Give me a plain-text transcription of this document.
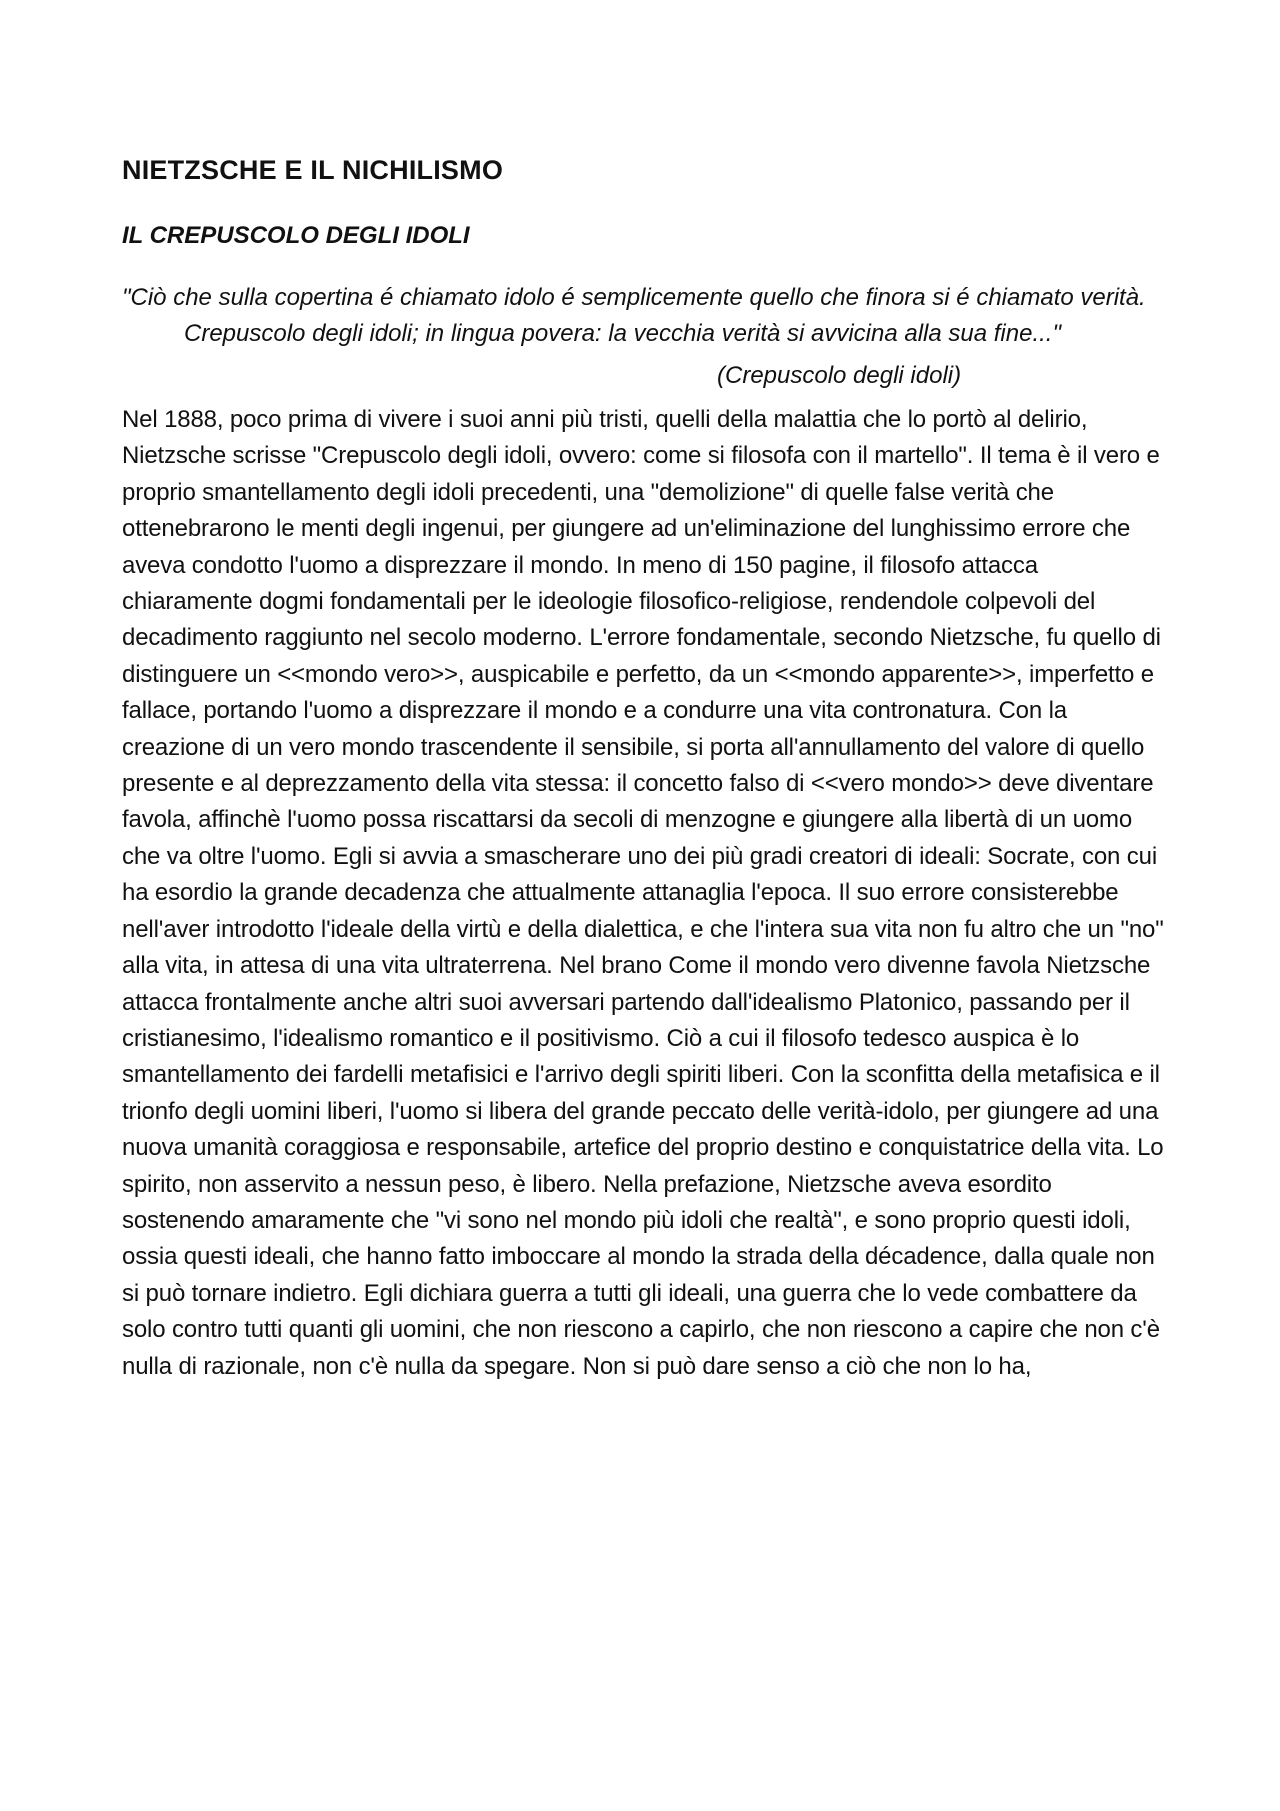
NIETZSCHE E IL NICHILISMO
IL CREPUSCOLO DEGLI IDOLI

"Ciò che sulla copertina é chiamato idolo é semplicemente quello che finora si é chiamato verità. Crepuscolo degli idoli; in lingua povera: la vecchia verità si avvicina alla sua fine..."

(Crepuscolo degli idoli)

Nel 1888, poco prima di vivere i suoi anni più tristi, quelli della malattia che lo portò al delirio, Nietzsche scrisse "Crepuscolo degli idoli, ovvero: come si filosofa con il martello". Il tema è il vero e proprio smantellamento degli idoli precedenti, una "demolizione" di quelle false verità che ottenebrarono le menti degli ingenui, per giungere ad un'eliminazione del lunghissimo errore che aveva condotto l'uomo a disprezzare il mondo. In meno di 150 pagine, il filosofo attacca chiaramente dogmi fondamentali per le ideologie filosofico-religiose, rendendole colpevoli del decadimento raggiunto nel secolo moderno. L'errore fondamentale, secondo Nietzsche, fu quello di distinguere un <<mondo vero>>, auspicabile e perfetto, da un <<mondo apparente>>, imperfetto e fallace, portando l'uomo a disprezzare il mondo e a condurre una vita contronatura. Con la creazione di un vero mondo trascendente il sensibile, si porta all'annullamento del valore di quello presente e al deprezzamento della vita stessa: il concetto falso di <<vero mondo>> deve diventare favola, affinchè l'uomo possa riscattarsi da secoli di menzogne e giungere alla libertà di un uomo che va oltre l'uomo. Egli si avvia a smascherare uno dei più gradi creatori di ideali: Socrate, con cui ha esordio la grande decadenza che attualmente attanaglia l'epoca. Il suo errore consisterebbe nell'aver introdotto l'ideale della virtù e della dialettica, e che l'intera sua vita non fu altro che un "no" alla vita, in attesa di una vita ultraterrena. Nel brano Come il mondo vero divenne favola Nietzsche attacca frontalmente anche altri suoi avversari partendo dall'idealismo Platonico, passando per il cristianesimo, l'idealismo romantico e il positivismo. Ciò a cui il filosofo tedesco auspica è lo smantellamento dei fardelli metafisici e l'arrivo degli spiriti liberi. Con la sconfitta della metafisica e il trionfo degli uomini liberi, l'uomo si libera del grande peccato delle verità-idolo, per giungere ad una nuova umanità coraggiosa e responsabile, artefice del proprio destino e conquistatrice della vita. Lo spirito, non asservito a nessun peso, è libero. Nella prefazione, Nietzsche aveva esordito sostenendo amaramente che "vi sono nel mondo più idoli che realtà", e sono proprio questi idoli, ossia questi ideali, che hanno fatto imboccare al mondo la strada della décadence, dalla quale non si può tornare indietro. Egli dichiara guerra a tutti gli ideali, una guerra che lo vede combattere da solo contro tutti quanti gli uomini, che non riescono a capirlo, che non riescono a capire che non c'è nulla di razionale, non c'è nulla da spegare. Non si può dare senso a ciò che non lo ha,
